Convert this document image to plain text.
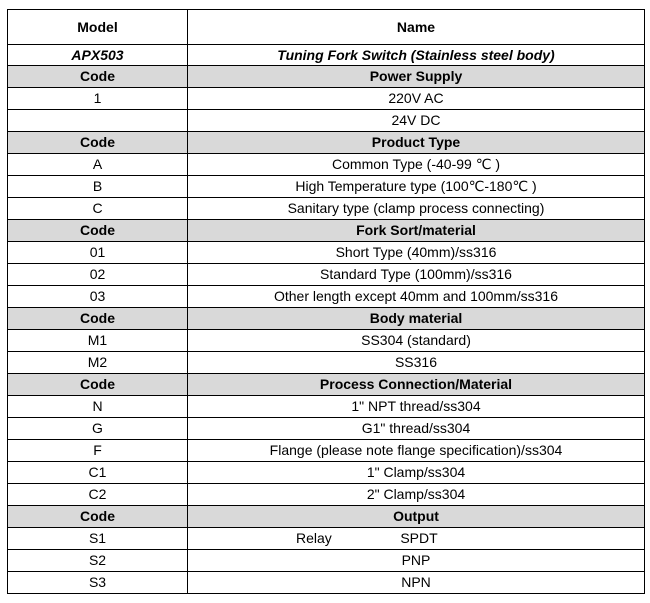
Model	Name
APX503	Tuning Fork Switch (Stainless steel body)
Code	Power Supply
1	220V AC
	24V DC
Code	Product Type
A	Common Type (-40-99 ℃ )
B	High Temperature type (100℃-180℃ )
C	Sanitary type (clamp process connecting)
Code	Fork Sort/material
01	Short Type (40mm)/ss316
02	Standard Type (100mm)/ss316
03	Other length except 40mm and 100mm/ss316
Code	Body material
M1	SS304 (standard)
M2	SS316
Code	Process Connection/Material
N	1" NPT thread/ss304
G	G1" thread/ss304
F	Flange (please note flange specification)/ss304
C1	1" Clamp/ss304
C2	2" Clamp/ss304
Code	Output
S1	Relay SPDT
S2	PNP
S3	NPN
